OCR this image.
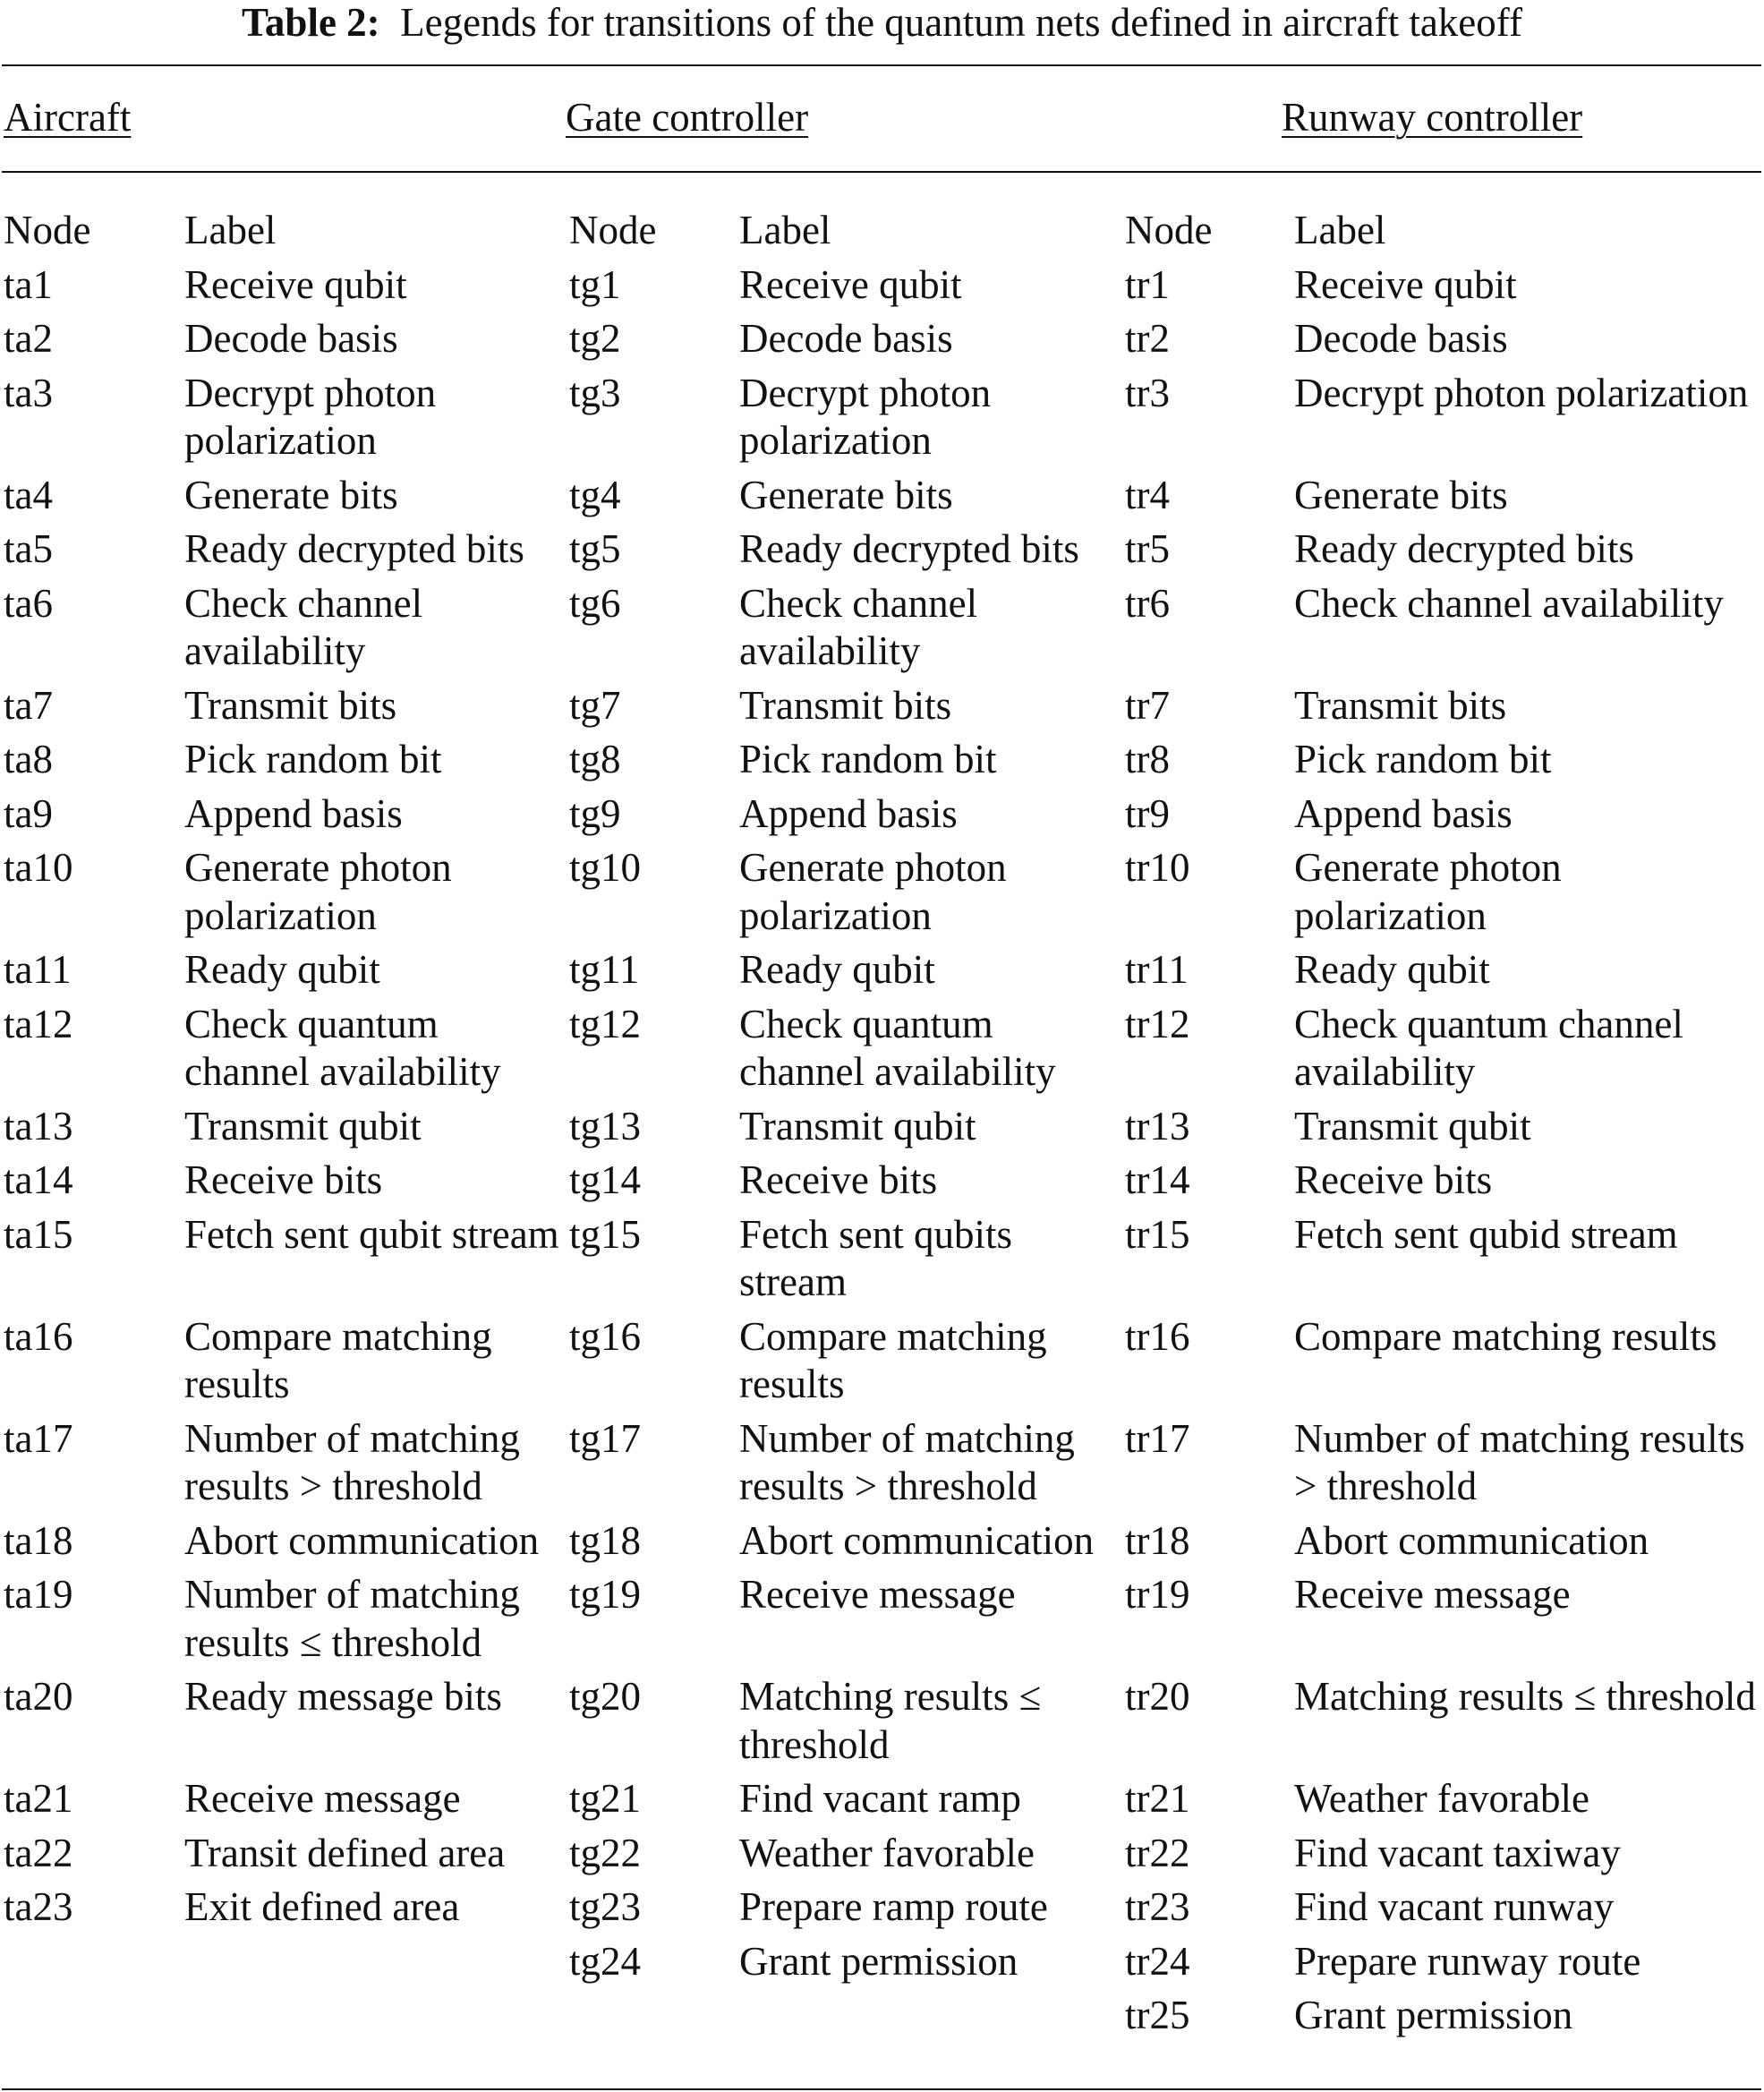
Table 2: Legends for transitions of the quantum nets defined in aircraft takeoff
Aircraft	Gate controller	Runway controller
Node	Label	Node	Label	Node	Label
ta1	Receive qubit	tg1	Receive qubit	tr1	Receive qubit
ta2	Decode basis	tg2	Decode basis	tr2	Decode basis
ta3	Decrypt photon polarization	tg3	Decrypt photon polarization	tr3	Decrypt photon polarization
ta4	Generate bits	tg4	Generate bits	tr4	Generate bits
ta5	Ready decrypted bits	tg5	Ready decrypted bits	tr5	Ready decrypted bits
ta6	Check channel availability	tg6	Check channel availability	tr6	Check channel availability
ta7	Transmit bits	tg7	Transmit bits	tr7	Transmit bits
ta8	Pick random bit	tg8	Pick random bit	tr8	Pick random bit
ta9	Append basis	tg9	Append basis	tr9	Append basis
ta10	Generate photon polarization	tg10	Generate photon polarization	tr10	Generate photon polarization
ta11	Ready qubit	tg11	Ready qubit	tr11	Ready qubit
ta12	Check quantum channel availability	tg12	Check quantum channel availability	tr12	Check quantum channel availability
ta13	Transmit qubit	tg13	Transmit qubit	tr13	Transmit qubit
ta14	Receive bits	tg14	Receive bits	tr14	Receive bits
ta15	Fetch sent qubit stream	tg15	Fetch sent qubits stream	tr15	Fetch sent qubid stream
ta16	Compare matching results	tg16	Compare matching results	tr16	Compare matching results
ta17	Number of matching results > threshold	tg17	Number of matching results > threshold	tr17	Number of matching results > threshold
ta18	Abort communication	tg18	Abort communication	tr18	Abort communication
ta19	Number of matching results ≤ threshold	tg19	Receive message	tr19	Receive message
ta20	Ready message bits	tg20	Matching results ≤ threshold	tr20	Matching results ≤ threshold
ta21	Receive message	tg21	Find vacant ramp	tr21	Weather favorable
ta22	Transit defined area	tg22	Weather favorable	tr22	Find vacant taxiway
ta23	Exit defined area	tg23	Prepare ramp route	tr23	Find vacant runway
		tg24	Grant permission	tr24	Prepare runway route
				tr25	Grant permission
